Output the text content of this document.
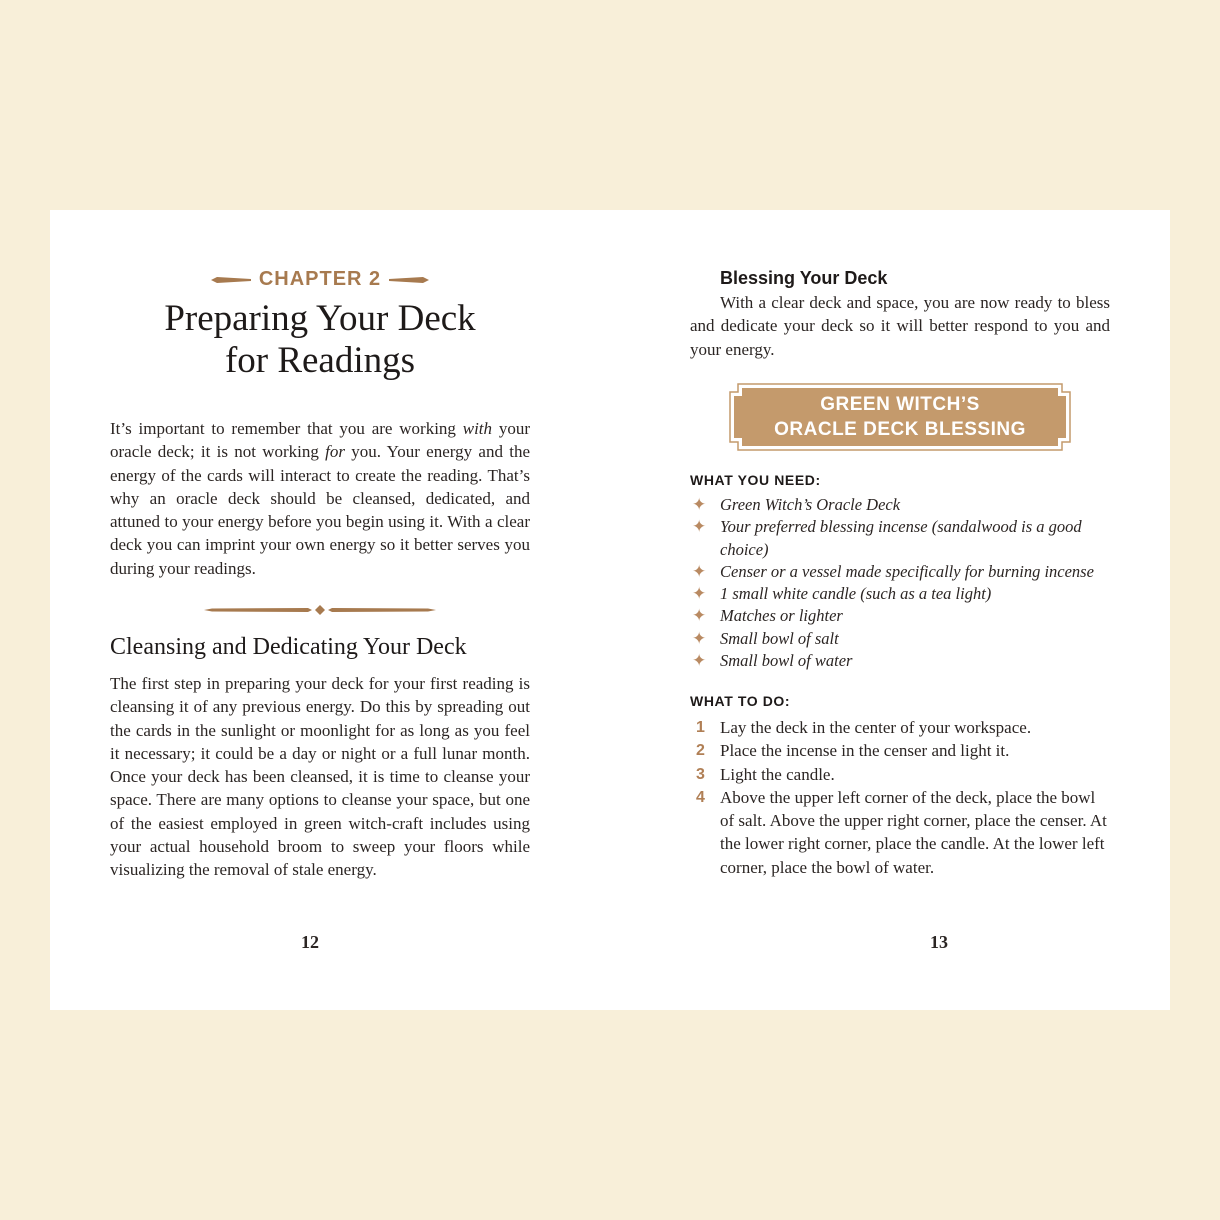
CHAPTER 2
Preparing Your Deck
for Readings

It’s important to remember that you are working with your oracle deck; it is not working for you. Your energy and the energy of the cards will interact to create the reading. That’s why an oracle deck should be cleansed, dedicated, and attuned to your energy before you begin using it. With a clear deck you can imprint your own energy so it better serves you during your readings.

Cleansing and Dedicating Your Deck

The first step in preparing your deck for your first reading is cleansing it of any previous energy. Do this by spreading out the cards in the sunlight or moonlight for as long as you feel it necessary; it could be a day or night or a full lunar month. Once your deck has been cleansed, it is time to cleanse your space. There are many options to cleanse your space, but one of the easiest employed in green witch-craft includes using your actual household broom to sweep your floors while visualizing the removal of stale energy.

12
Blessing Your Deck

With a clear deck and space, you are now ready to bless and dedicate your deck so it will better respond to you and your energy.

GREEN WITCH’S
ORACLE DECK BLESSING
WHAT YOU NEED:
✦ Green Witch’s Oracle Deck
✦ Your preferred blessing incense (sandalwood is a good choice)
✦ Censer or a vessel made specifically for burning incense
✦ 1 small white candle (such as a tea light)
✦ Matches or lighter
✦ Small bowl of salt
✦ Small bowl of water
WHAT TO DO:
1 Lay the deck in the center of your workspace.
2 Place the incense in the censer and light it.
3 Light the candle.
4 Above the upper left corner of the deck, place the bowl of salt. Above the upper right corner, place the censer. At the lower right corner, place the candle. At the lower left corner, place the bowl of water.
13
